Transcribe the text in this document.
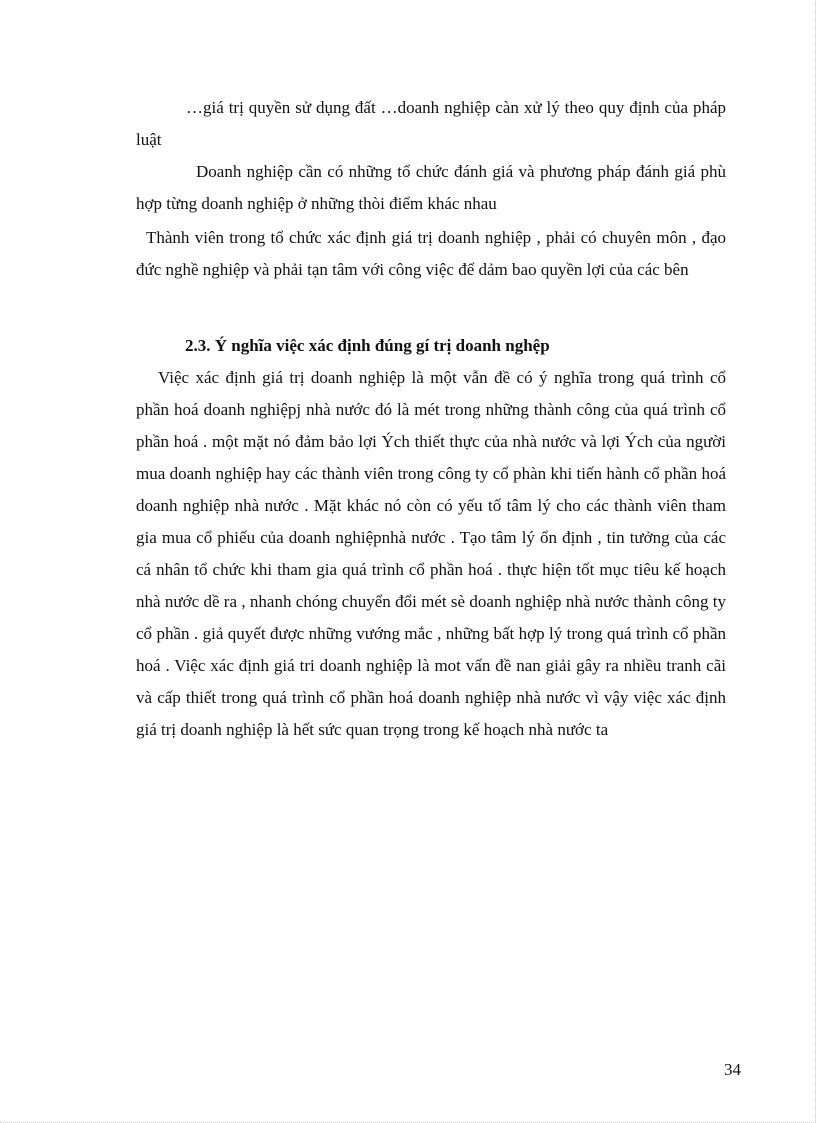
…giá trị quyền sử dụng đất …doanh nghiệp càn xử lý theo quy định của pháp luật

Doanh nghiệp cần có những tổ chức đánh giá và phương pháp đánh giá phù hợp từng doanh nghiệp ở những thòi điểm khác nhau

Thành viên trong tổ chức xác định giá trị doanh nghiệp , phải có chuyên môn , đạo đức nghề nghiệp và phải tạn tâm với công việc để dảm bao quyền lợi của các bên

2.3. Ý nghĩa việc xác định đúng gí trị doanh nghệp

Việc xác định giá trị doanh nghiệp là một vẫn đề có ý nghĩa trong quá trình cổ phần hoá doanh nghiệpj nhà nước đó là mét trong những thành công của quá trình cổ phần hoá . một mặt nó đảm bảo lợi Ých thiết thực của nhà nước và lợi Ých của người mua doanh nghiệp hay các thành viên trong công ty cổ phàn khi tiến hành cổ phần hoá doanh nghiệp nhà nước . Mặt khác nó còn có yếu tố tâm lý cho các thành viên tham gia mua cổ phiếu của doanh nghiệpnhà nước . Tạo tâm lý ổn định , tin tưởng của các cá nhân tổ chức khi tham gia quá trình cổ phần hoá . thực hiện tốt mục tiêu kế hoạch nhà nước dề ra , nhanh chóng chuyển đổi mét sè doanh nghiệp nhà nước thành công ty cổ phần . giả quyết được những vướng mắc , những bất hợp lý trong quá trình cổ phần hoá . Việc xác định giá tri doanh nghiệp là mot vấn đề nan giải gây ra nhiều tranh cãi và cấp thiết trong quá trình cổ phần hoá doanh nghiệp nhà nước vì vậy việc xác định giá trị doanh nghiệp là hết sức quan trọng trong kế hoạch nhà nước ta

34
